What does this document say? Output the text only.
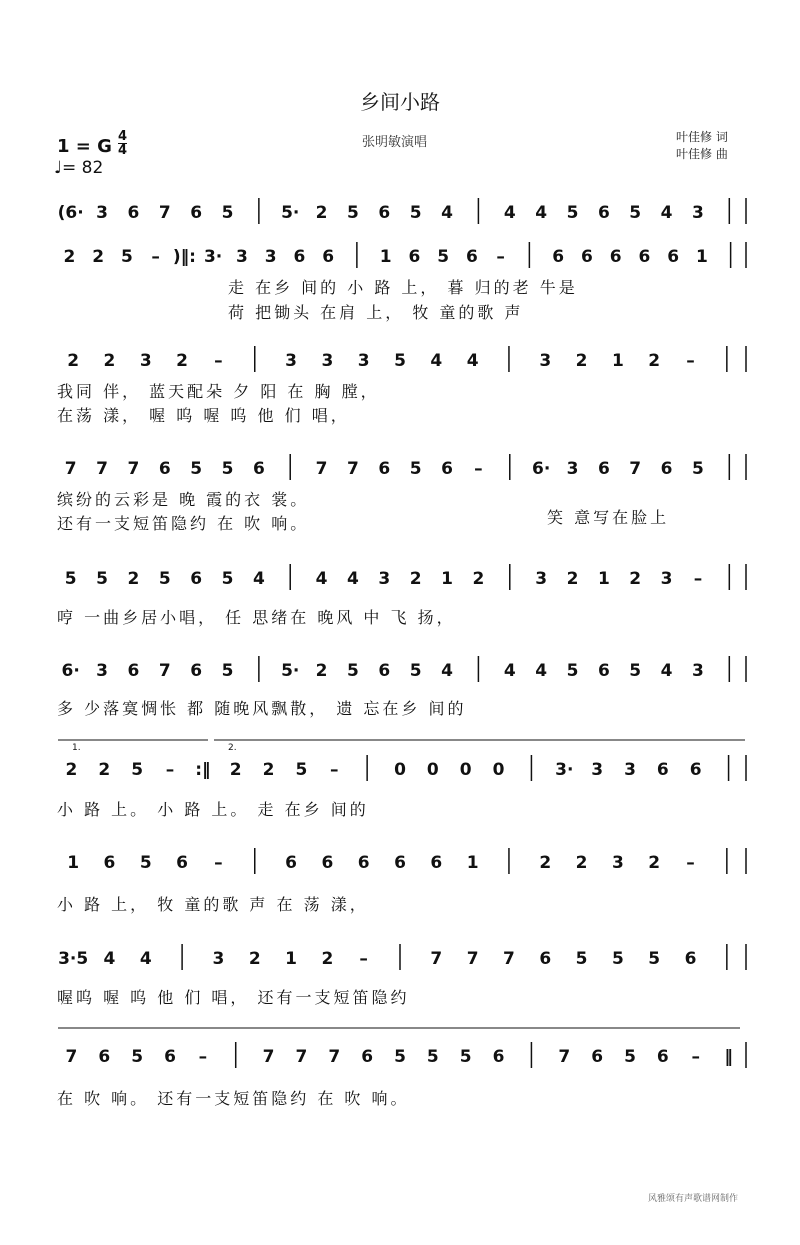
乡间小路
张明敏演唱	叶佳修 词
叶佳修 曲
1 = G 4
4
♩= 82
(6· 3 6 7 6 5	5· 2 5 6 5 4	4 4 5 6 5 4 3
2 2 5 – )‖: 3· 3 3 6 6	1 6 5 6 –	6 6 6 6 6 1
走 在乡 间的 小 路 上， 暮 归的老 牛是
荷 把锄头 在肩 上， 牧 童的歌 声
2 2 3 2 –	3 3 3 5 4 4	3 2 1 2 –
我同 伴， 蓝天配朵 夕 阳 在 胸 膛，
在荡 漾， 喔 呜 喔 呜 他 们 唱，
7 7 7 6 5 5 6	7 7 6 5 6 –	6· 3 6 7 6 5
缤纷的云彩是 晚 霞的衣 裳。
还有一支短笛隐约 在 吹 响。	笑 意写在脸上
5 5 2 5 6 5 4	4 4 3 2 1 2	3 2 1 2 3 –
哼 一曲乡居小唱， 任 思绪在 晚风 中 飞 扬，
6· 3 6 7 6 5	5· 2 5 6 5 4	4 4 5 6 5 4 3
多 少落寞惆怅 都 随晚风飘散， 遗 忘在乡 间的
2 2 5 – :‖ 2 2 5 –	0 0 0 0	3· 3 3 6 6
小 路 上。 小 路 上。 走 在乡 间的
1.	2.
1 6 5 6 –	6 6 6 6 6 1	2 2 3 2 –
小 路 上， 牧 童的歌 声 在 荡 漾，
3·5 4 4	3 2 1 2 –	7 7 7 6 5 5 5 6
喔呜 喔 呜 他 们 唱， 还有一支短笛隐约
7 6 5 6 –	7 7 7 6 5 5 5 6	7 6 5 6 – ‖
在 吹 响。 还有一支短笛隐约 在 吹 响。
风雅颂有声歌谱网制作
